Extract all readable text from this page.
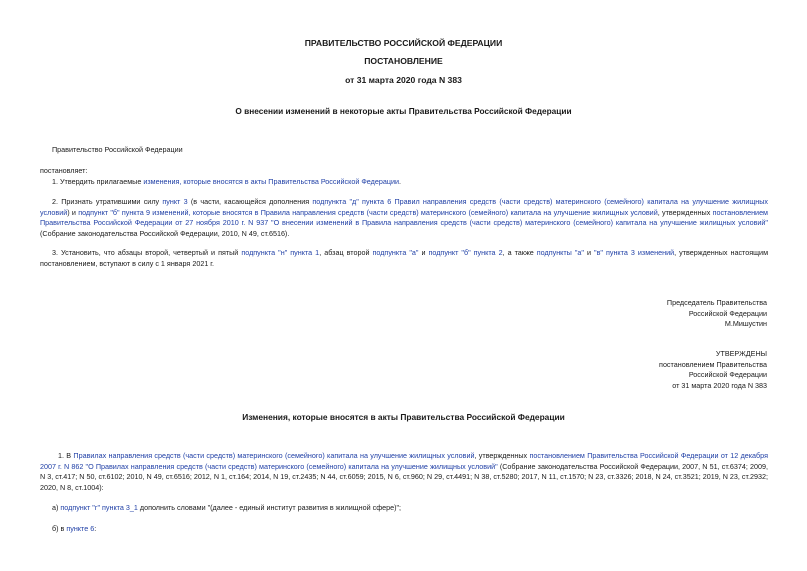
ПРАВИТЕЛЬСТВО РОССИЙСКОЙ ФЕДЕРАЦИИ
ПОСТАНОВЛЕНИЕ
от 31 марта 2020 года N 383
О внесении изменений в некоторые акты Правительства Российской Федерации
Правительство Российской Федерации
постановляет:
1. Утвердить прилагаемые изменения, которые вносятся в акты Правительства Российской Федерации.
2. Признать утратившими силу пункт 3 (в части, касающейся дополнения подпункта "д" пункта 6 Правил направления средств (части средств) материнского (семейного) капитала на улучшение жилищных условий) и подпункт "б" пункта 9 изменений, которые вносятся в Правила направления средств (части средств) материнского (семейного) капитала на улучшение жилищных условий, утвержденных постановлением Правительства Российской Федерации от 27 ноября 2010 г. N 937 "О внесении изменений в Правила направления средств (части средств) материнского (семейного) капитала на улучшение жилищных условий" (Собрание законодательства Российской Федерации, 2010, N 49, ст.6516).
3. Установить, что абзацы второй, четвертый и пятый подпункта "н" пункта 1, абзац второй подпункта "а" и подпункт "б" пункта 2, а также подпункты "а" и "в" пункта 3 изменений, утвержденных настоящим постановлением, вступают в силу с 1 января 2021 г.
Председатель Правительства
Российской Федерации
М.Мишустин
УТВЕРЖДЕНЫ
постановлением Правительства
Российской Федерации
от 31 марта 2020 года N 383
Изменения, которые вносятся в акты Правительства Российской Федерации
1. В Правилах направления средств (части средств) материнского (семейного) капитала на улучшение жилищных условий, утвержденных постановлением Правительства Российской Федерации от 12 декабря 2007 г. N 862 "О Правилах направления средств (части средств) материнского (семейного) капитала на улучшение жилищных условий" (Собрание законодательства Российской Федерации, 2007, N 51, ст.6374; 2009, N 3, ст.417; N 50, ст.6102; 2010, N 49, ст.6516; 2012, N 1, ст.164; 2014, N 19, ст.2435; N 44, ст.6059; 2015, N 6, ст.960; N 29, ст.4491; N 38, ст.5280; 2017, N 11, ст.1570; N 23, ст.3326; 2018, N 24, ст.3521; 2019, N 23, ст.2932; 2020, N 8, ст.1004):
а) подпункт "г" пункта 3_1 дополнить словами "(далее - единый институт развития в жилищной сфере)";
б) в пункте 6:
